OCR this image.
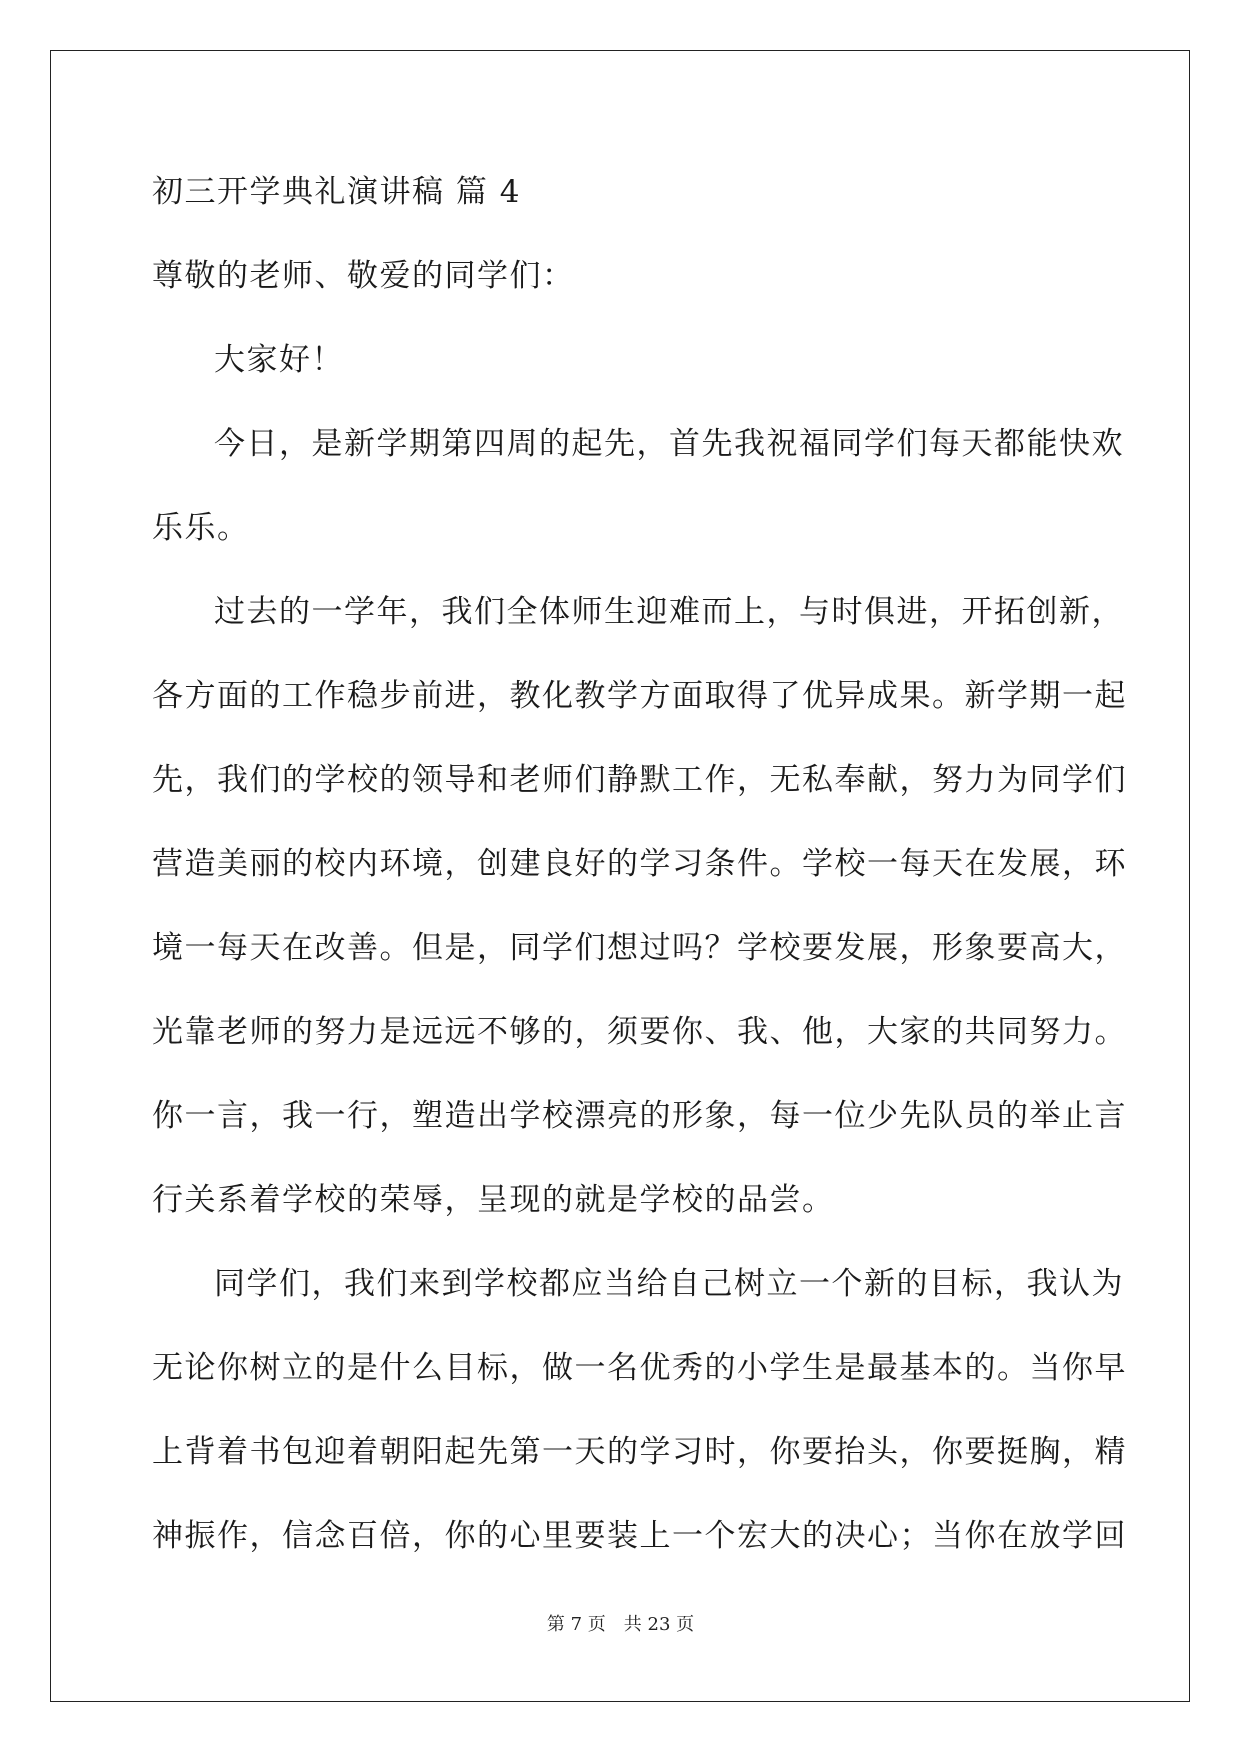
初三开学典礼演讲稿 篇 4
尊敬的老师、敬爱的同学们：
大家好！
今日，是新学期第四周的起先，首先我祝福同学们每天都能快欢
乐乐。
过去的一学年，我们全体师生迎难而上，与时俱进，开拓创新，
各方面的工作稳步前进，教化教学方面取得了优异成果。新学期一起
先，我们的学校的领导和老师们静默工作，无私奉献，努力为同学们
营造美丽的校内环境，创建良好的学习条件。学校一每天在发展，环
境一每天在改善。但是，同学们想过吗？学校要发展，形象要高大，
光靠老师的努力是远远不够的，须要你、我、他，大家的共同努力。
你一言，我一行，塑造出学校漂亮的形象，每一位少先队员的举止言
行关系着学校的荣辱，呈现的就是学校的品尝。
同学们，我们来到学校都应当给自己树立一个新的目标，我认为
无论你树立的是什么目标，做一名优秀的小学生是最基本的。当你早
上背着书包迎着朝阳起先第一天的学习时，你要抬头，你要挺胸，精
神振作，信念百倍，你的心里要装上一个宏大的决心；当你在放学回
第 7 页 共 23 页
